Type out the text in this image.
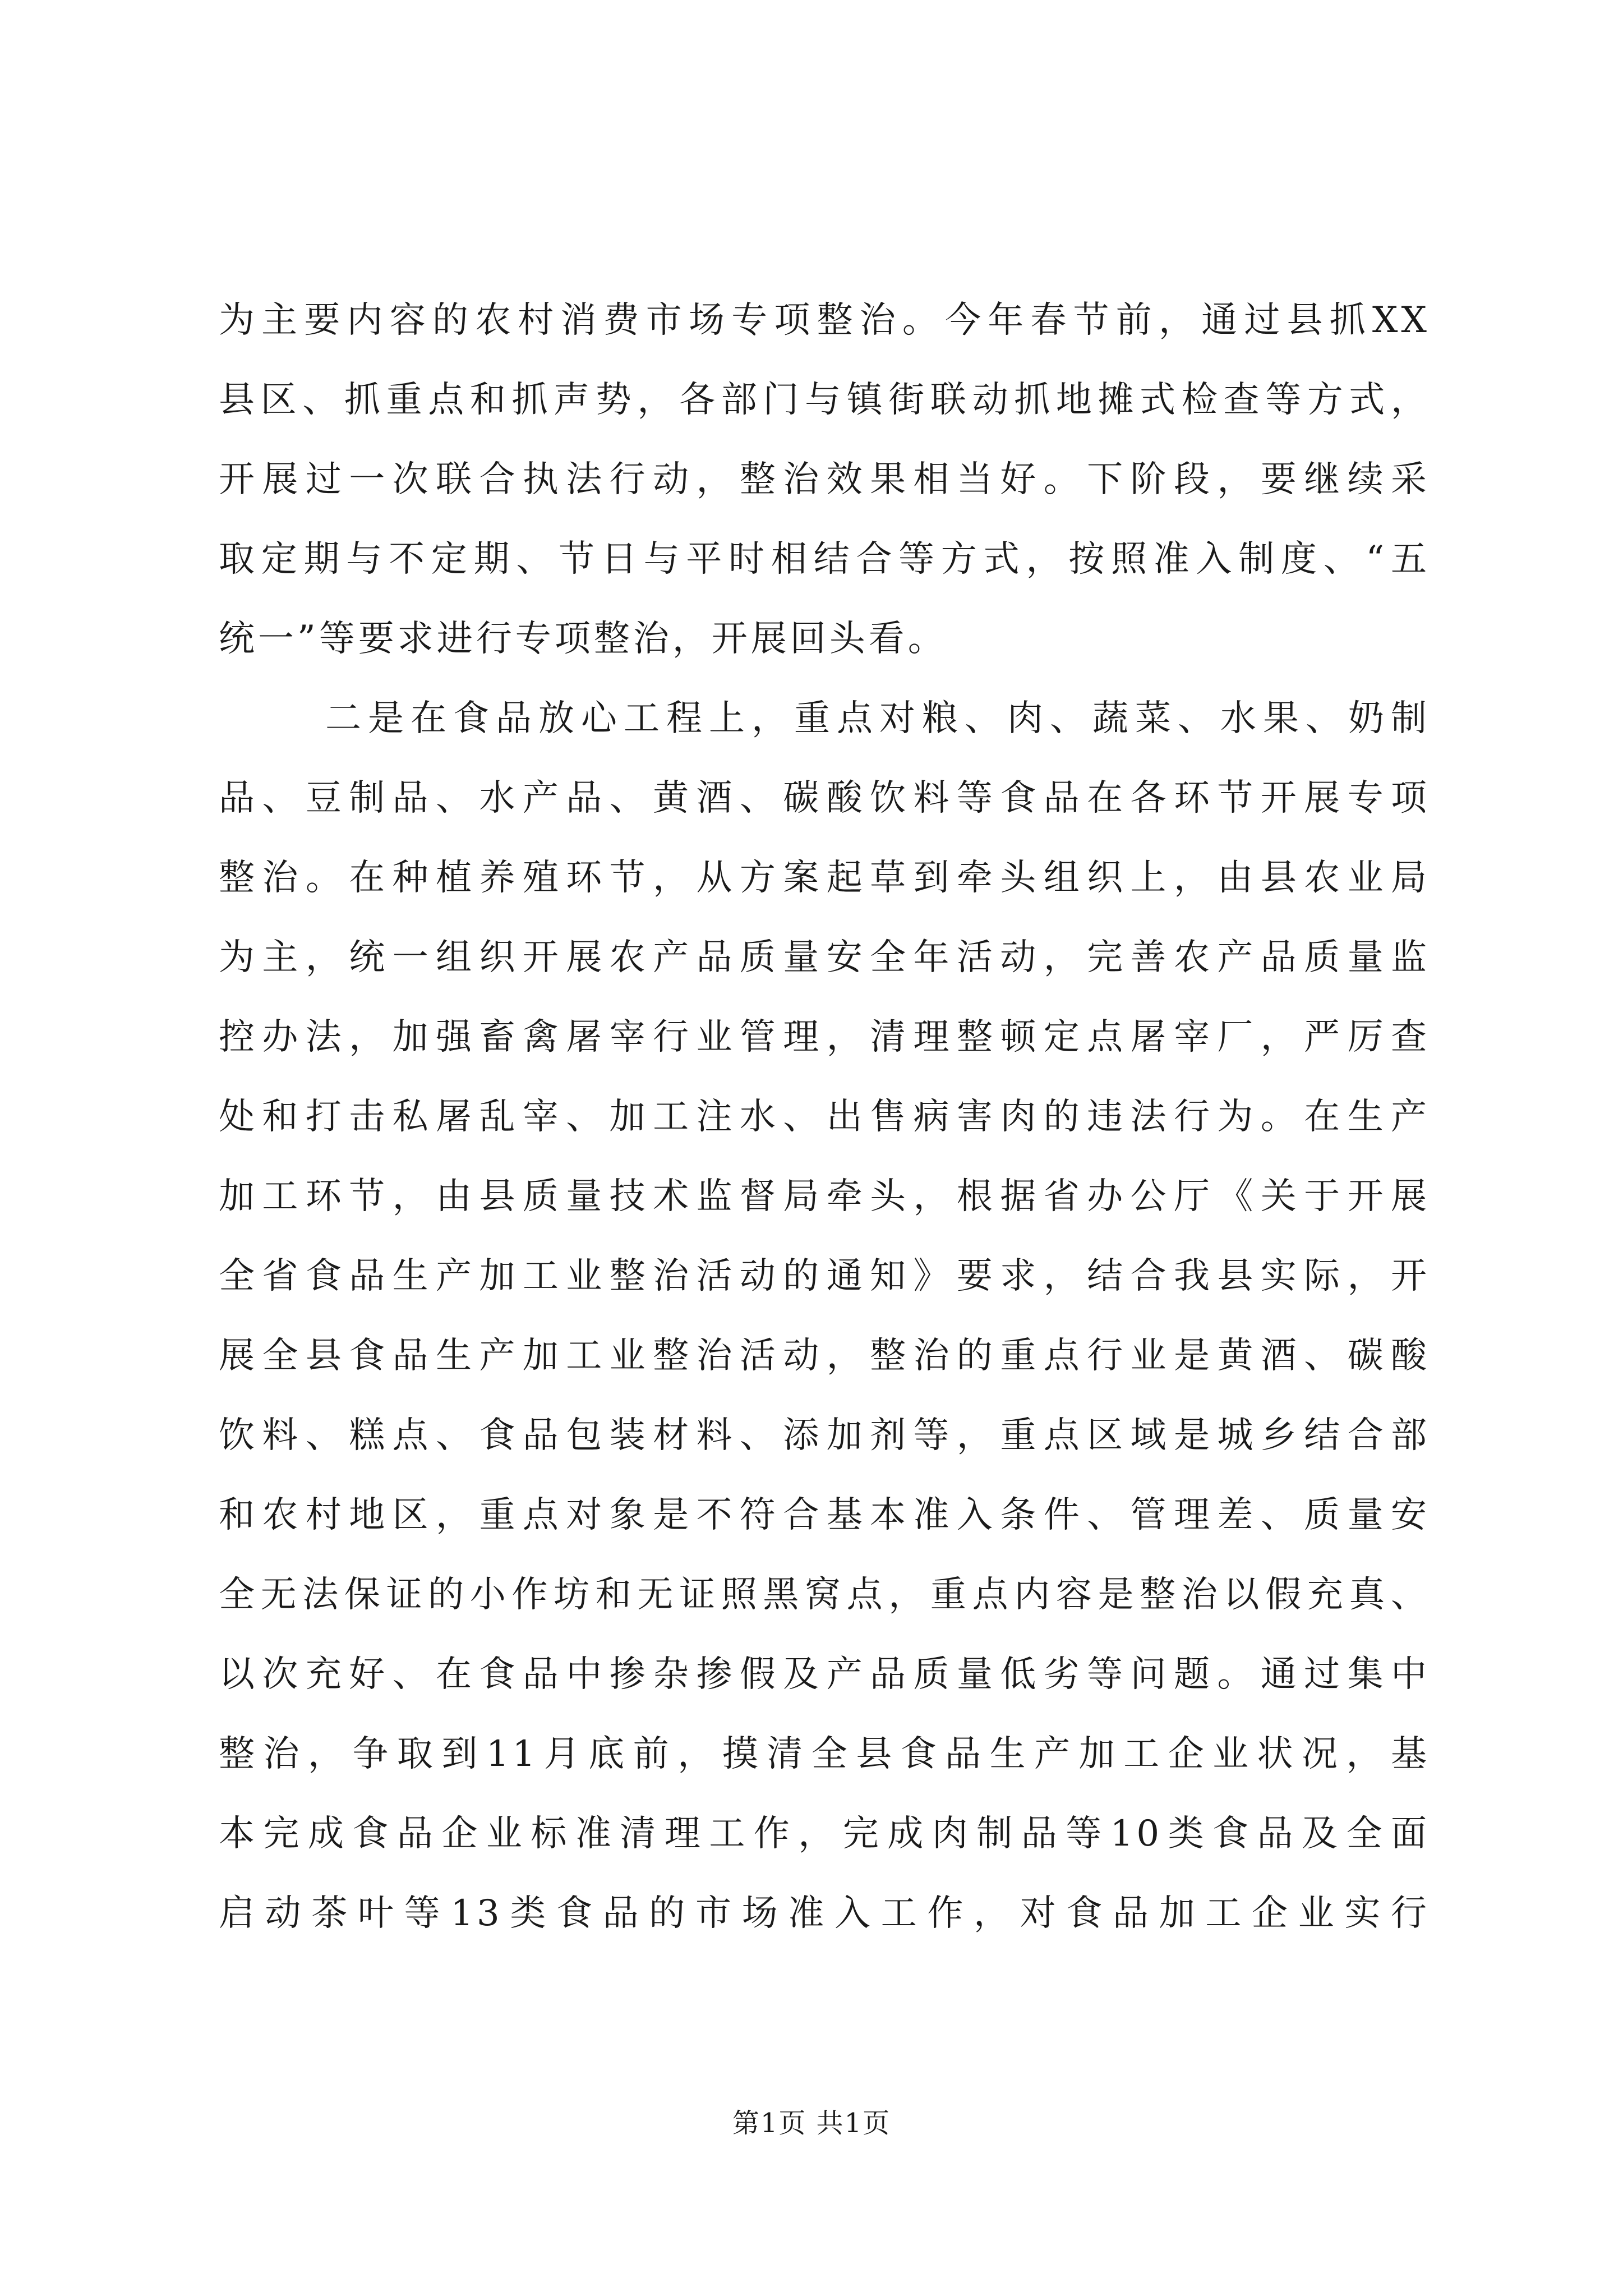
为主要内容的农村消费市场专项整治。今年春节前，通过县抓XX
县区、抓重点和抓声势，各部门与镇街联动抓地摊式检查等方式，
开展过一次联合执法行动，整治效果相当好。下阶段，要继续采
取定期与不定期、节日与平时相结合等方式，按照准入制度、“五
统一”等要求进行专项整治，开展回头看。
二是在食品放心工程上，重点对粮、肉、蔬菜、水果、奶制
品、豆制品、水产品、黄酒、碳酸饮料等食品在各环节开展专项
整治。在种植养殖环节，从方案起草到牵头组织上，由县农业局
为主，统一组织开展农产品质量安全年活动，完善农产品质量监
控办法，加强畜禽屠宰行业管理，清理整顿定点屠宰厂，严厉查
处和打击私屠乱宰、加工注水、出售病害肉的违法行为。在生产
加工环节，由县质量技术监督局牵头，根据省办公厅《关于开展
全省食品生产加工业整治活动的通知》要求，结合我县实际，开
展全县食品生产加工业整治活动，整治的重点行业是黄酒、碳酸
饮料、糕点、食品包装材料、添加剂等，重点区域是城乡结合部
和农村地区，重点对象是不符合基本准入条件、管理差、质量安
全无法保证的小作坊和无证照黑窝点，重点内容是整治以假充真、
以次充好、在食品中掺杂掺假及产品质量低劣等问题。通过集中
整治，争取到11月底前，摸清全县食品生产加工企业状况，基
本完成食品企业标准清理工作，完成肉制品等10类食品及全面
启动茶叶等13类食品的市场准入工作，对食品加工企业实行
第1页 共1页
